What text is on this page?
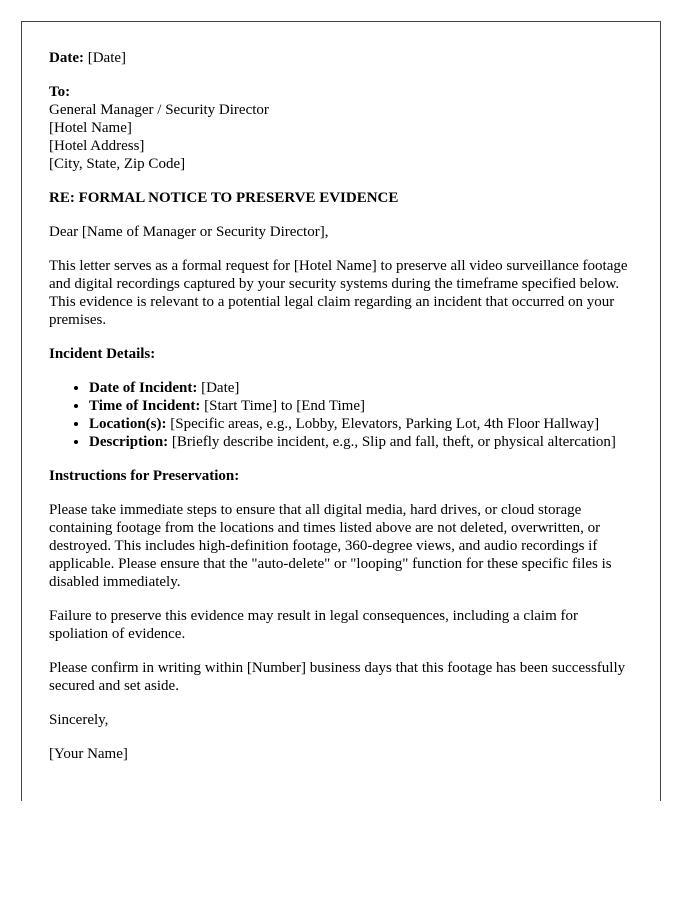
Date: [Date]

To:
General Manager / Security Director
[Hotel Name]
[Hotel Address]
[City, State, Zip Code]

RE: FORMAL NOTICE TO PRESERVE EVIDENCE

Dear [Name of Manager or Security Director],

This letter serves as a formal request for [Hotel Name] to preserve all video surveillance footage and digital recordings captured by your security systems during the timeframe specified below. This evidence is relevant to a potential legal claim regarding an incident that occurred on your premises.

Incident Details:

• Date of Incident: [Date]
• Time of Incident: [Start Time] to [End Time]
• Location(s): [Specific areas, e.g., Lobby, Elevators, Parking Lot, 4th Floor Hallway]
• Description: [Briefly describe incident, e.g., Slip and fall, theft, or physical altercation]

Instructions for Preservation:

Please take immediate steps to ensure that all digital media, hard drives, or cloud storage containing footage from the locations and times listed above are not deleted, overwritten, or destroyed. This includes high-definition footage, 360-degree views, and audio recordings if applicable. Please ensure that the "auto-delete" or "looping" function for these specific files is disabled immediately.

Failure to preserve this evidence may result in legal consequences, including a claim for spoliation of evidence.

Please confirm in writing within [Number] business days that this footage has been successfully secured and set aside.

Sincerely,

[Your Name]
